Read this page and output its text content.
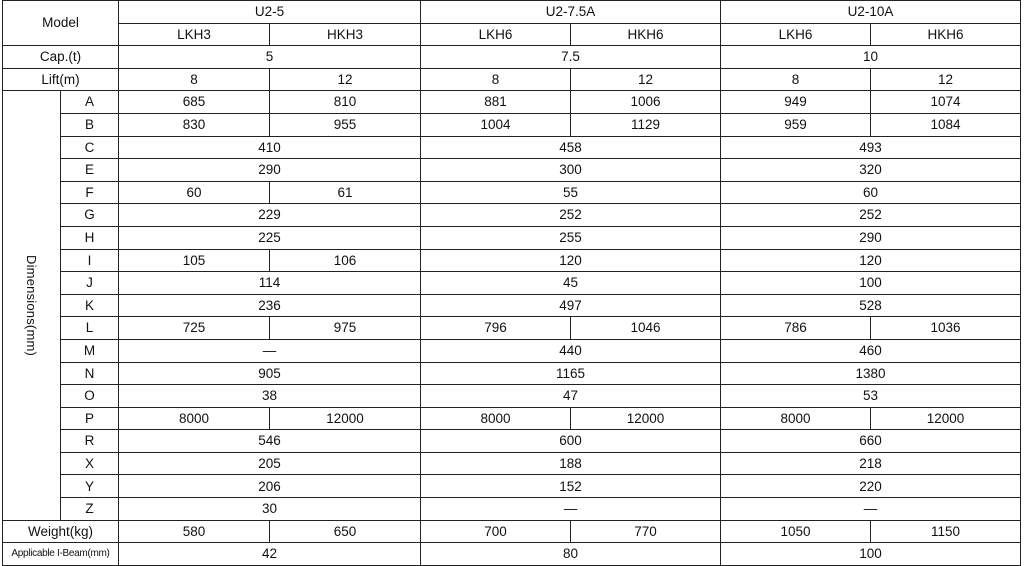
Model		U2-5		U2-7.5A		U2-10A	
		LKH3	HKH3	LKH6	HKH6	LKH6	HKH6
Cap.(t)		5		7.5		10	
Lift(m)		8	12	8	12	8	12

Dimensions(mm)	A	685	810	881	1006	949	1074
	B	830	955	1004	1129	959	1084
	C	410		458		493	
	E	290		300		320	
	F	60	61	55		60	
	G	229		252		252	
	H	225		255		290	
	I	105	106	120		120	
	J	114		45		100	
	K	236		497		528	
	L	725	975	796	1046	786	1036
	M	—		440		460	
	N	905		1165		1380	
	O	38		47		53	
	P	8000	12000	8000	12000	8000	12000
	R	546		600		660	
	X	205		188		218	
	Y	206		152		220	
	Z	30		—		—	
Weight(kg)		580	650	700	770	1050	1150
Applicable I-Beam(mm)		42		80		100	
